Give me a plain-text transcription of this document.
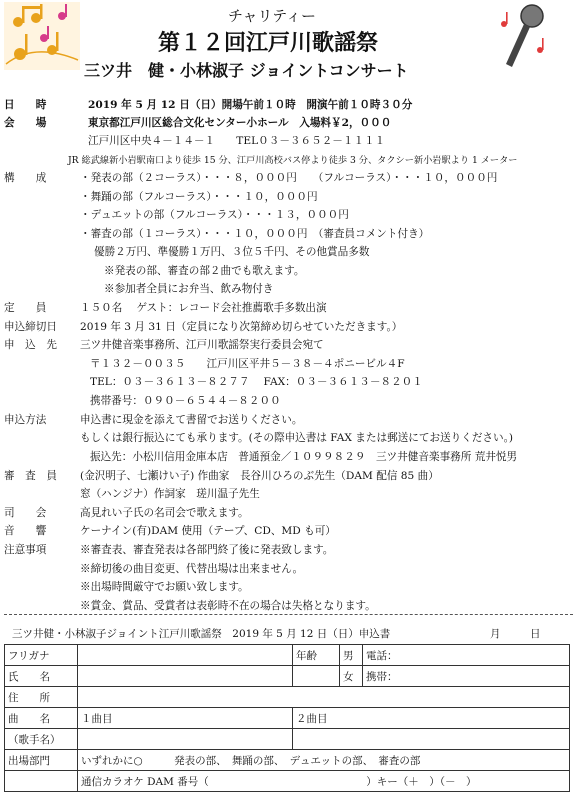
チャリティー
第１２回江戸川歌謡祭
三ツ井　健・小林淑子 ジョイントコンサート
日　　時	2019 年 5 月 12 日（日）開場午前１０時　開演午前１０時３０分
会　　場	東京都江戸川区総合文化センター小ホール　入場料￥2，０００
江戸川区中央４－１４－１　　TEL０３－３６５２－１１１１
JR 総武線新小岩駅南口より徒歩 15 分、江戸川高校バス停より徒歩 3 分、タクシー新小岩駅より 1 メーター
構　　成	・発表の部（２コーラス）・・・８，０００円　　（フルコーラス）・・・１０，０００円
・舞踊の部（フルコーラス）・・・１０，０００円
・デュエットの部（フルコーラス）・・・１３，０００円
・審査の部（１コーラス）・・・１０，０００円　（審査員コメント付き）
優勝２万円、準優勝１万円、３位５千円、その他賞品多数
※発表の部、審査の部２曲でも歌えます。
※参加者全員にお弁当、飲み物付き
定　　員	１５０名　 ゲスト：レコード会社推薦歌手多数出演
申込締切日 2019 年 3 月 31 日（定員になり次第締め切らせていただきます。）
申　込　先 三ツ井健音楽事務所、江戸川歌謡祭実行委員会宛て
〒１３２－００３５　　江戸川区平井５－３８－４ポニービル４F
TEL：０３－３６１３－８２７７　 FAX：０３－３６１３－８２０１
携帯番号：０９０－６５４４－８２００
申込方法	申込書に現金を添えて書留でお送りください。
もしくは銀行振込にても承ります。(その際申込書は FAX または郵送にてお送りください。)
振込先：小松川信用金庫本店　普通預金／１０９９８２９　三ツ井健音楽事務所 荒井悦男
審　査　員 (金沢明子、七瀬けい子) 作曲家　長谷川ひろのぶ先生（DAM 配信 85 曲）
窓（ハンジナ）作詞家　瑳川温子先生
司　　会	高見れい子氏の名司会で歌えます。
音　　響	ケーナイン(有)DAM 使用（テープ、CD、MD も可）
注意事項	※審査表、審査発表は各部門終了後に発表致します。
※締切後の曲目変更、代替出場は出来ません。
※出場時間厳守でお願い致します。
※賞金、賞品、受賞者は表彰時不在の場合は失格となります。
三ツ井健・小林淑子ジョイント江戸川歌謡祭　2019 年 5 月 12 日（日）申込書	月	日
フリガナ		年齢	男	電話：
氏　　名			女	携帯：
住　　所				
曲　　名	１曲目	２曲目		
（歌手名）				
出場部門	いずれかに○　　　発表の部、　舞踊の部、　デュエットの部、　審査の部			
	通信カラオケ DAM 番号（　　　　　　　　　　　　　　　）キー（＋　）（－　）			
